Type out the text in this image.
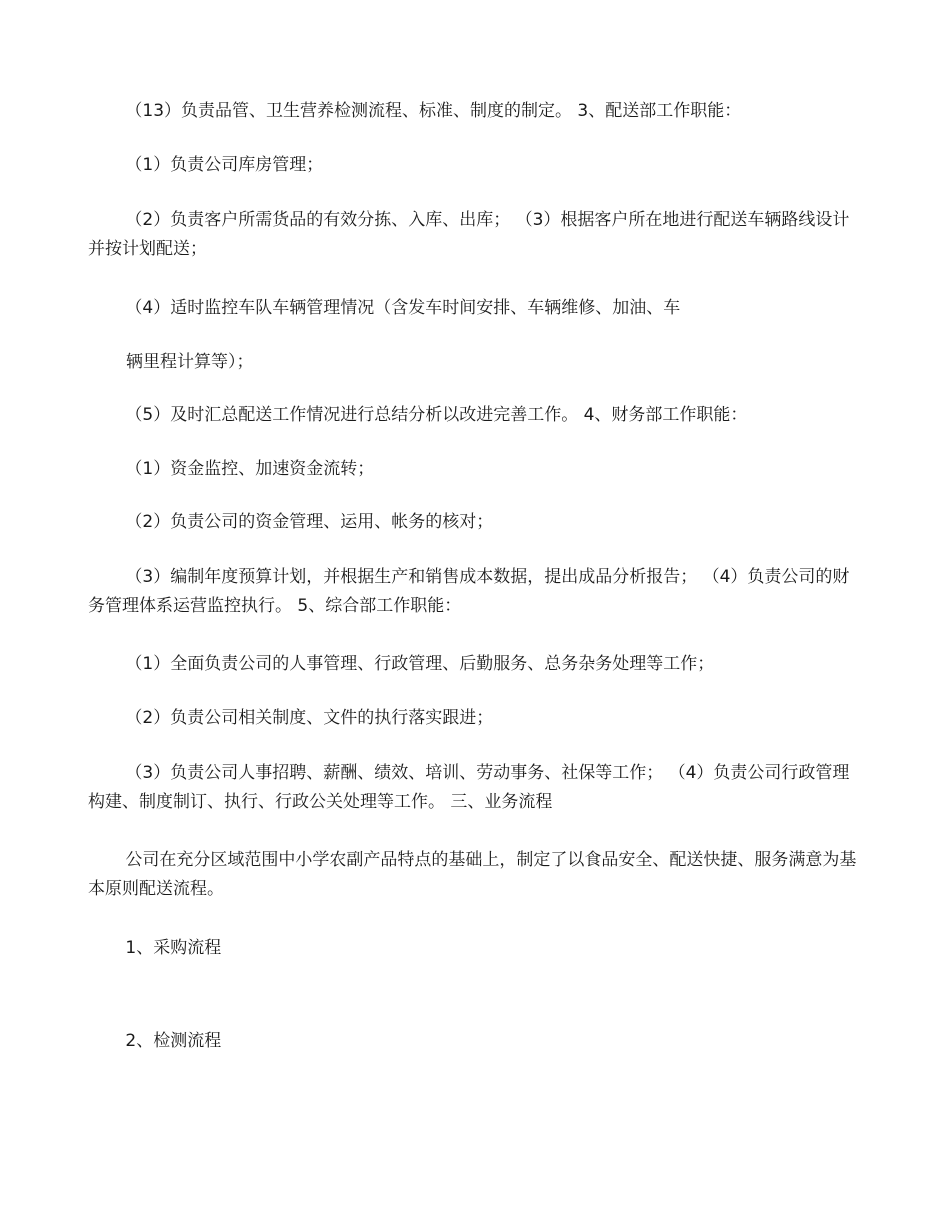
（13）负责品管、卫生营养检测流程、标准、制度的制定。 3、配送部工作职能：

（1）负责公司库房管理；

（2）负责客户所需货品的有效分拣、入库、出库； （3）根据客户所在地进行配送车辆路线设计并按计划配送；

（4）适时监控车队车辆管理情况（含发车时间安排、车辆维修、加油、车

辆里程计算等）；

（5）及时汇总配送工作情况进行总结分析以改进完善工作。 4、财务部工作职能：

（1）资金监控、加速资金流转；

（2）负责公司的资金管理、运用、帐务的核对；

（3）编制年度预算计划，并根据生产和销售成本数据，提出成品分析报告； （4）负责公司的财务管理体系运营监控执行。 5、综合部工作职能：

（1）全面负责公司的人事管理、行政管理、后勤服务、总务杂务处理等工作；

（2）负责公司相关制度、文件的执行落实跟进；

（3）负责公司人事招聘、薪酬、绩效、培训、劳动事务、社保等工作； （4）负责公司行政管理构建、制度制订、执行、行政公关处理等工作。 三、业务流程

公司在充分区域范围中小学农副产品特点的基础上，制定了以食品安全、配送快捷、服务满意为基本原则配送流程。

1、采购流程

2、检测流程
